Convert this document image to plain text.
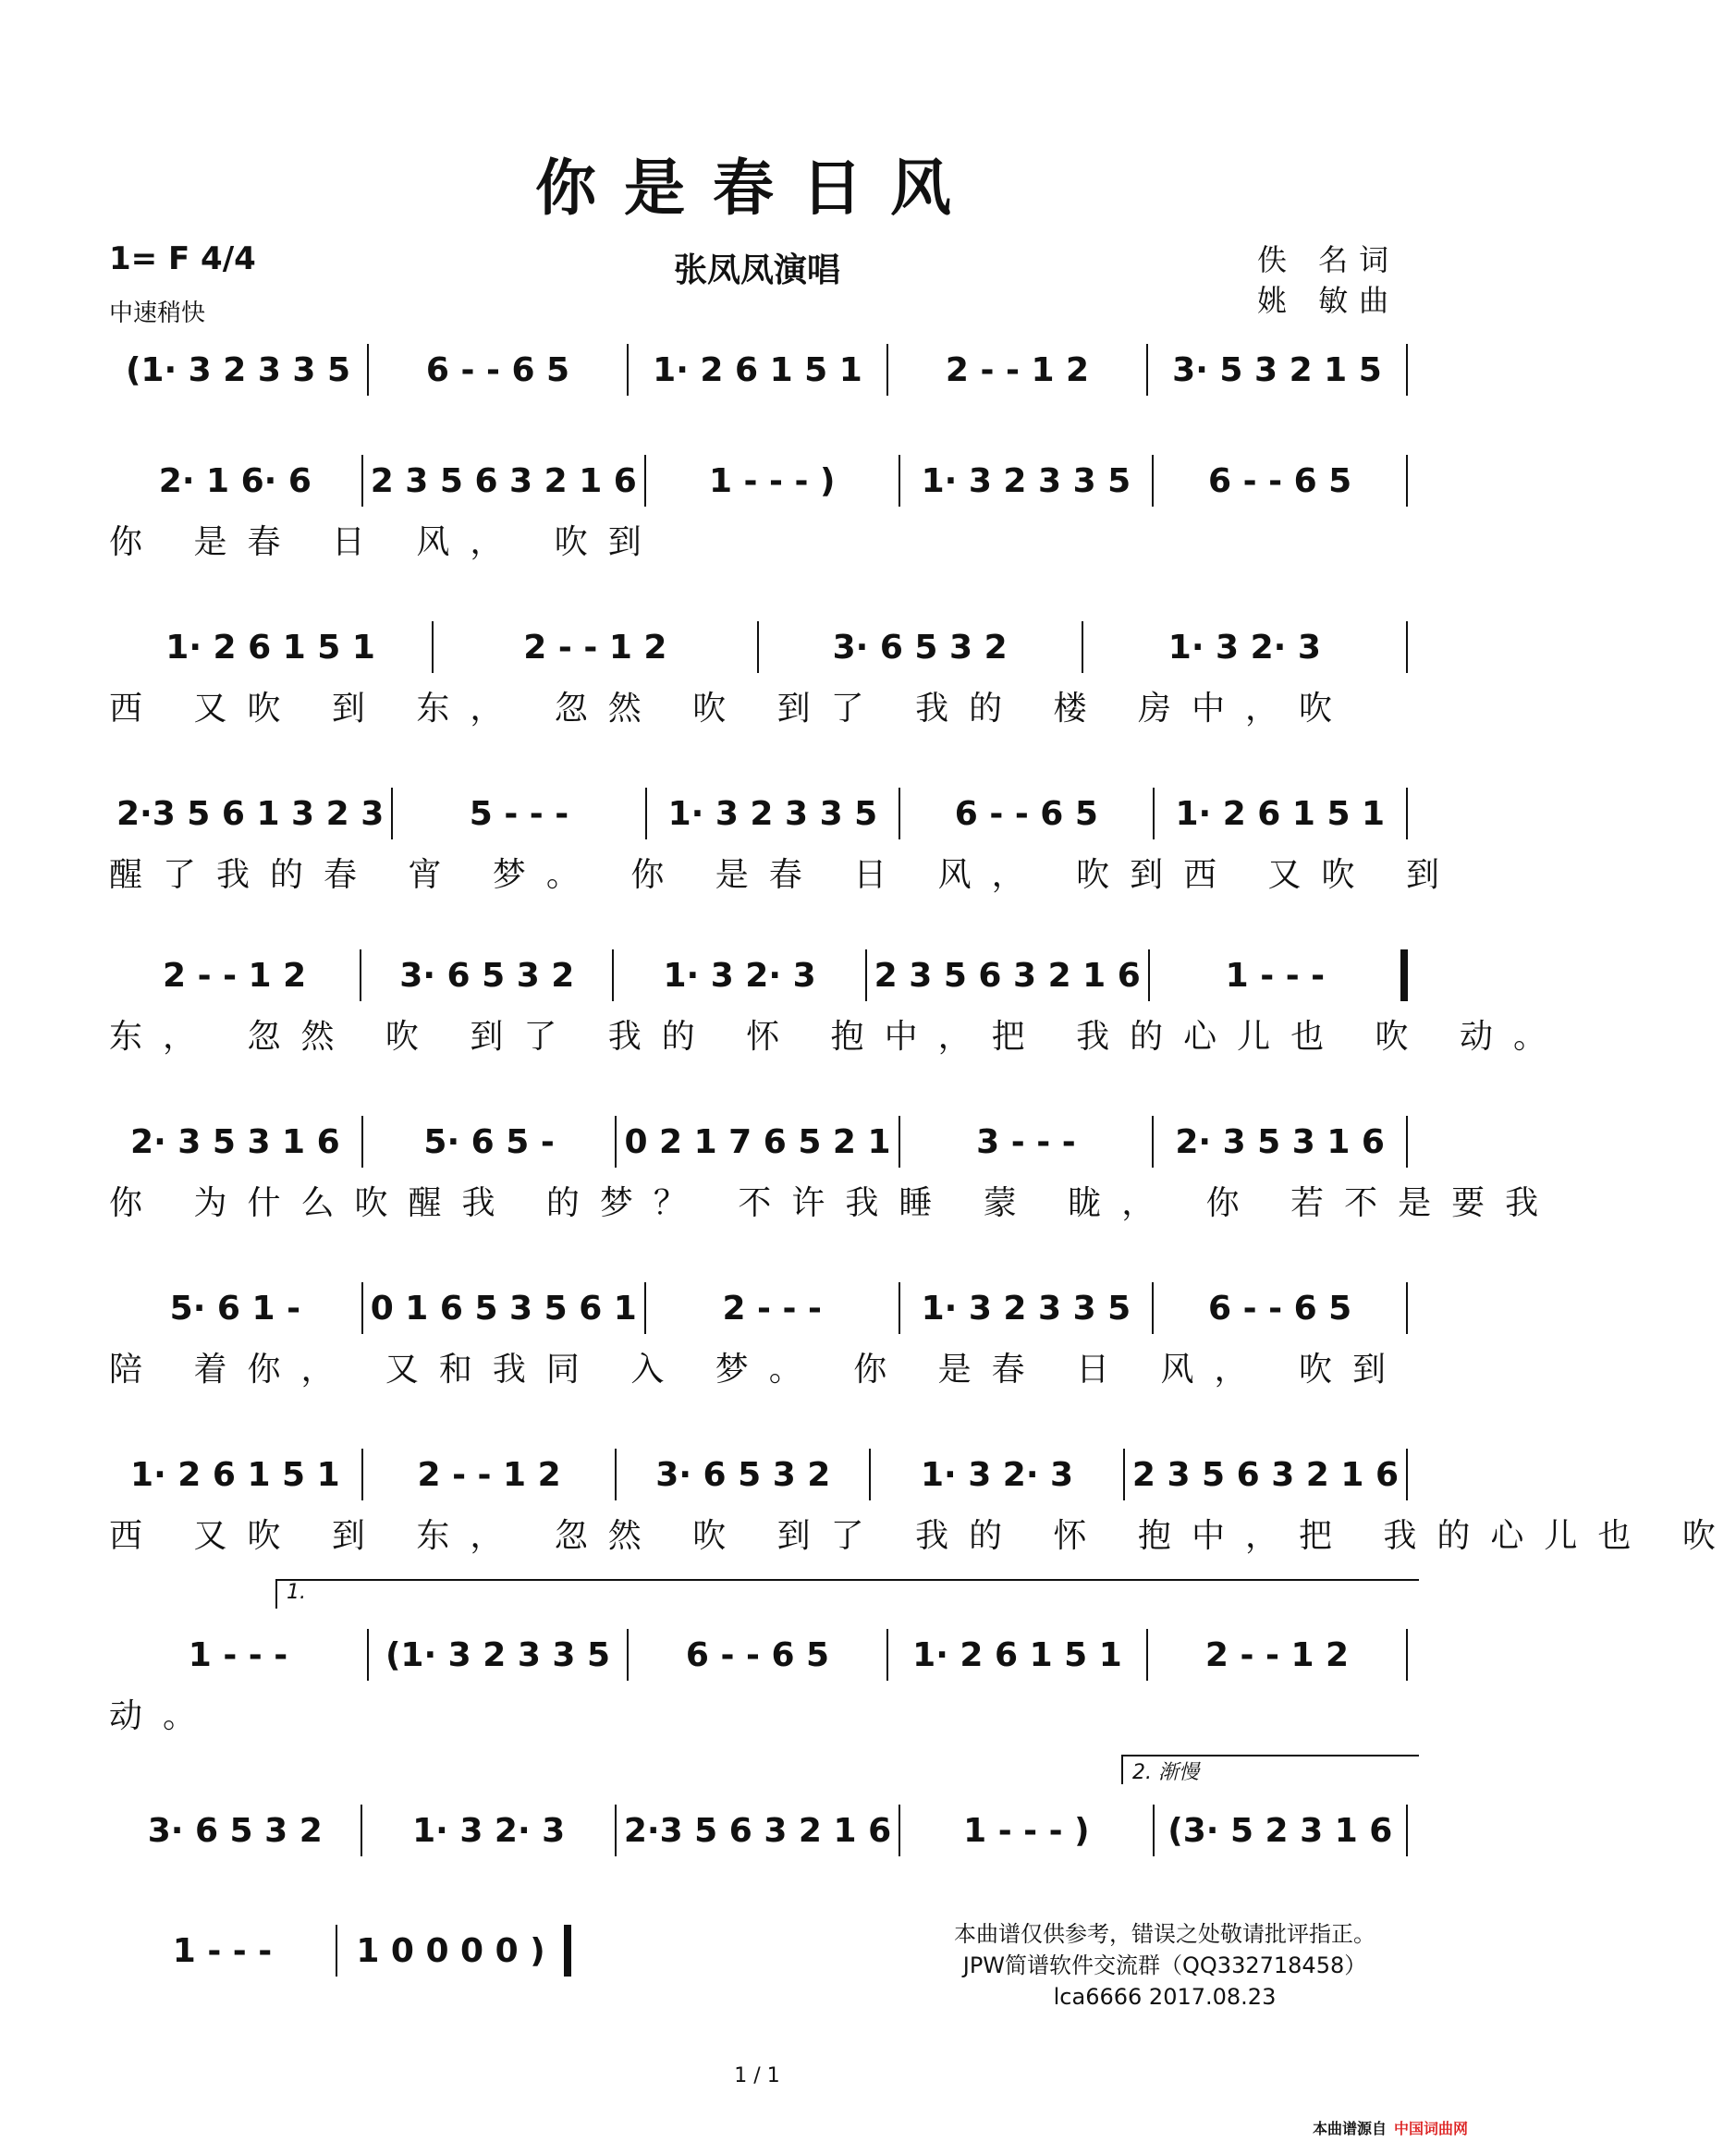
你是春日风
1= F 4/4
中速稍快
张凤凤演唱	佚 名词
姚 敏曲
(1· 3 2 3 3 5	6 - - 6 5	1· 2 6 1 5 1	2 - - 1 2	3· 5 3 2 1 5
2· 1 6· 6	2 3 5 6 3 2 1 6	1 - - - )	1· 3 2 3 3 5	6 - - 6 5
你 是春 日 风， 吹到
1· 2 6 1 5 1	2 - - 1 2	3· 6 5 3 2	1· 3 2· 3
西 又吹 到 东， 忽然 吹 到了 我的 楼 房中，吹
2·3 5 6 1 3 2 3	5 - - -	1· 3 2 3 3 5	6 - - 6 5	1· 2 6 1 5 1
醒了我的春 宵 梦。 你 是春 日 风， 吹到西 又吹 到
2 - - 1 2	3· 6 5 3 2	1· 3 2· 3	2 3 5 6 3 2 1 6	1 - - -
东， 忽然 吹 到了 我的 怀 抱中，把 我的心儿也 吹 动。
2· 3 5 3 1 6	5· 6 5 -	0 2 1 7 6 5 2 1	3 - - -	2· 3 5 3 1 6
你 为什么吹醒我 的梦？ 不许我睡 蒙 眬， 你 若不是要我
5· 6 1 -	0 1 6 5 3 5 6 1	2 - - -	1· 3 2 3 3 5	6 - - 6 5
陪 着你， 又和我同 入 梦。 你 是春 日 风， 吹到
1· 2 6 1 5 1	2 - - 1 2	3· 6 5 3 2	1· 3 2· 3	2 3 5 6 3 2 1 6
西 又吹 到 东， 忽然 吹 到了 我的 怀 抱中，把 我的心儿也 吹
1 - - -	(1· 3 2 3 3 5	6 - - 6 5	1· 2 6 1 5 1	2 - - 1 2
动。
1.
3· 6 5 3 2	1· 3 2· 3	2·3 5 6 3 2 1 6	1 - - - )	(3· 5 2 3 1 6
2. 渐慢
1 - - -	1 0 0 0 0 )	本曲谱仅供参考，错误之处敬请批评指正。
JPW简谱软件交流群（QQ332718458）
lca6666 2017.08.23
1 / 1
本曲谱源自 中国词曲网
